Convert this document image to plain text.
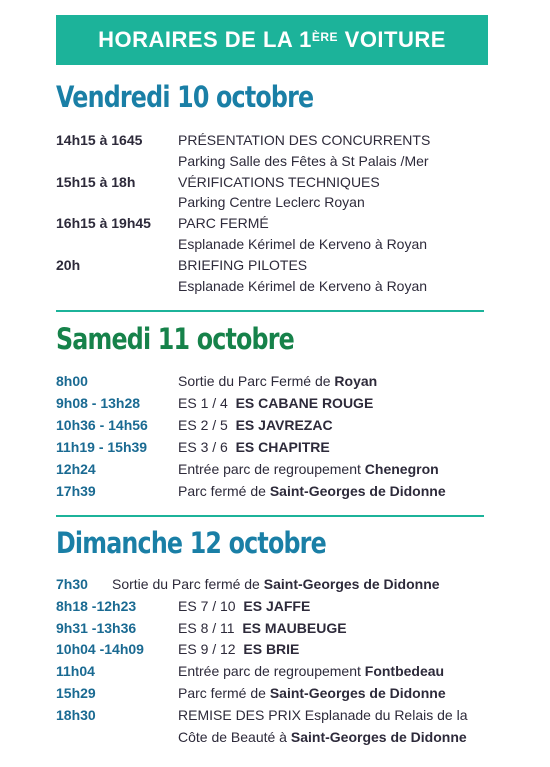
HORAIRES DE LA 1ÈRE VOITURE
Vendredi 10 octobre
14h15 à 1645	PRÉSENTATION DES CONCURRENTS
Parking Salle des Fêtes à St Palais /Mer
15h15 à 18h	VÉRIFICATIONS TECHNIQUES
Parking Centre Leclerc Royan
16h15 à 19h45 PARC FERMÉ
Esplanade Kérimel de Kerveno à Royan
20h	BRIEFING PILOTES
Esplanade Kérimel de Kerveno à Royan
Samedi 11 octobre
8h00	Sortie du Parc Fermé de Royan
9h08 - 13h28	ES 1 / 4  ES CABANE ROUGE
10h36 - 14h56 ES 2 / 5  ES JAVREZAC
11h19 - 15h39 ES 3 / 6  ES CHAPITRE
12h24	Entrée parc de regroupement Chenegron
17h39	Parc fermé de Saint-Georges de Didonne
Dimanche 12 octobre
7h30 Sortie du Parc fermé de Saint-Georges de Didonne
8h18 -12h23	ES 7 / 10  ES JAFFE
9h31 -13h36	ES 8 / 11  ES MAUBEUGE
10h04 -14h09 ES 9 / 12  ES BRIE
11h04	Entrée parc de regroupement Fontbedeau
15h29	Parc fermé de Saint-Georges de Didonne
18h30	REMISE DES PRIX Esplanade du Relais de la
Côte de Beauté à Saint-Georges de Didonne
